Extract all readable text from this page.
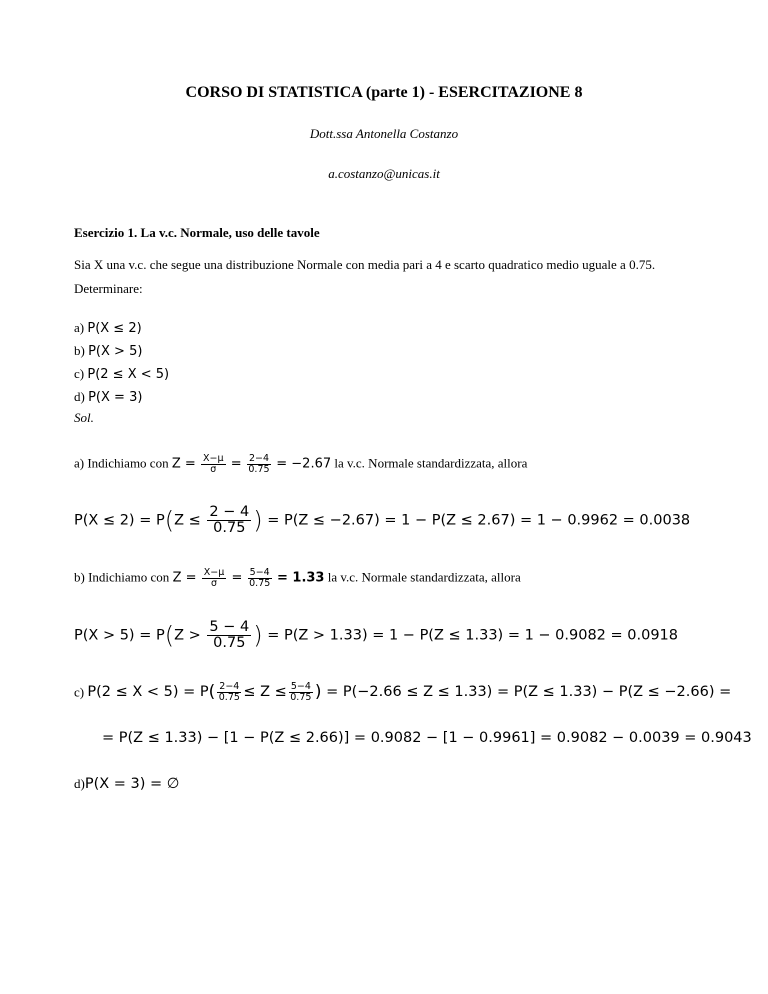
CORSO DI STATISTICA (parte 1) - ESERCITAZIONE 8
Dott.ssa Antonella Costanzo
a.costanzo@unicas.it
Esercizio 1. La v.c. Normale, uso delle tavole
Sia X una v.c. che segue una distribuzione Normale con media pari a 4 e scarto quadratico medio uguale a 0.75.
Determinare:
a) P(X ≤ 2)
b) P(X > 5)
c) P(2 ≤ X < 5)
d) P(X = 3)
Sol.
a) Indichiamo con $Z = \frac{X-\mu}{\sigma} = \frac{2-4}{0.75} = -2.67$ la v.c. Normale standardizzata, allora
$P(X \le 2) = P(Z \le \frac{2 - 4}{0.75}$ ) = P(Z ≤ −2.67) = 1 − P(Z ≤ 2.67) = 1 − 0.9962 = 0.0038
b) Indichiamo con $Z = \frac{X-\mu}{\sigma} = \frac{5-4}{0.75} = 1.33$ la v.c. Normale standardizzata, allora
$P(X > 5) = P(Z > \frac{5 - 4}{0.75}$ ) = P(Z > 1.33) = 1 − P(Z ≤ 1.33) = 1 − 0.9082 = 0.0918
c) $P(2 \le X < 5) = P( \frac{2-4}{0.75} \le Z \le \frac{5-4}{0.75}$ ) = P(−2.66 ≤ Z ≤ 1.33) = P(Z ≤ 1.33) − P(Z ≤ −2.66) =
= P(Z ≤ 1.33) − [1 − P(Z ≤ 2.66)] = 0.9082 − [1 − 0.9961] = 0.9082 − 0.0039 = 0.9043
d)P(X = 3) = ∅
